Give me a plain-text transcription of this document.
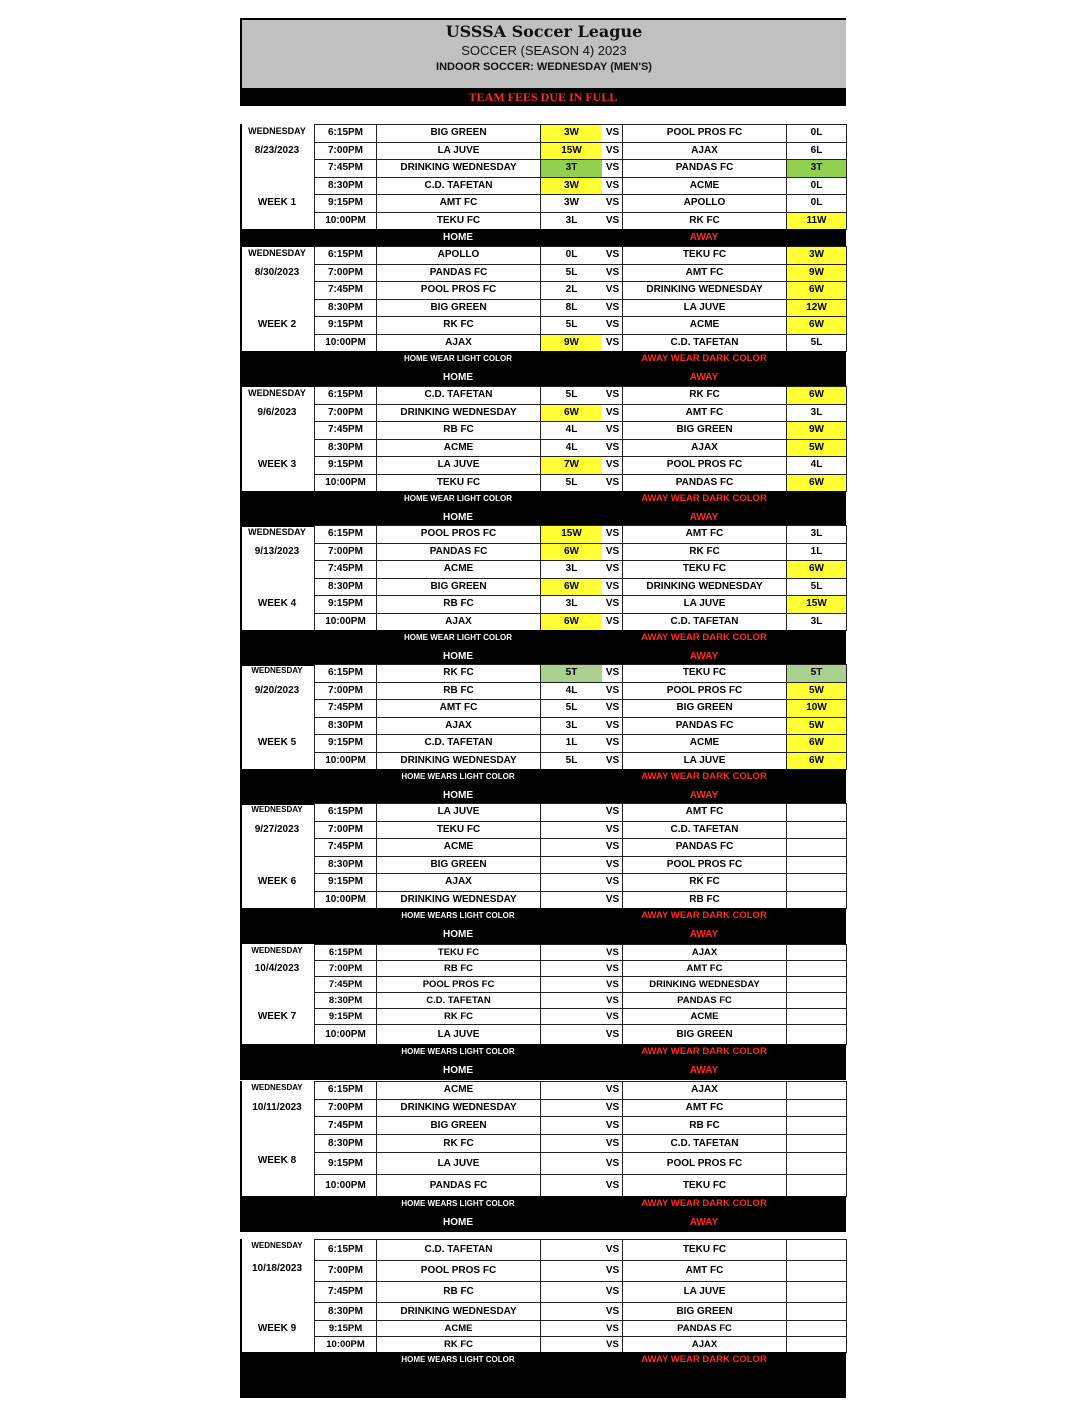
USSSA Soccer League
SOCCER (SEASON 4) 2023
INDOOR SOCCER: WEDNESDAY (MEN'S)
TEAM FEES DUE IN FULL
6:15PM	BIG GREEN	3W	VS	POOL PROS FC	0L
7:00PM	LA JUVE	15W	VS	AJAX	6L
7:45PM	DRINKING WEDNESDAY	3T	VS	PANDAS FC	3T
8:30PM	C.D. TAFETAN	3W	VS	ACME	0L
9:15PM	AMT FC	3W	VS	APOLLO	0L
10:00PM	TEKU FC	3L	VS	RK FC	11W
WEDNESDAY
8/23/2023
WEEK 1
HOME	AWAY
6:15PM	APOLLO	0L	VS	TEKU FC	3W
7:00PM	PANDAS FC	5L	VS	AMT FC	9W
7:45PM	POOL PROS FC	2L	VS	DRINKING WEDNESDAY	6W
8:30PM	BIG GREEN	8L	VS	LA JUVE	12W
9:15PM	RK FC	5L	VS	ACME	6W
10:00PM	AJAX	9W	VS	C.D. TAFETAN	5L
WEDNESDAY
8/30/2023
WEEK 2
HOME WEAR LIGHT COLOR	AWAY WEAR DARK COLOR
HOME	AWAY
6:15PM	C.D. TAFETAN	5L	VS	RK FC	6W
7:00PM	DRINKING WEDNESDAY	6W	VS	AMT FC	3L
7:45PM	RB FC	4L	VS	BIG GREEN	9W
8:30PM	ACME	4L	VS	AJAX	5W
9:15PM	LA JUVE	7W	VS	POOL PROS FC	4L
10:00PM	TEKU FC	5L	VS	PANDAS FC	6W
WEDNESDAY
9/6/2023
WEEK 3
HOME WEAR LIGHT COLOR	AWAY WEAR DARK COLOR
HOME	AWAY
6:15PM	POOL PROS FC	15W	VS	AMT FC	3L
7:00PM	PANDAS FC	6W	VS	RK FC	1L
7:45PM	ACME	3L	VS	TEKU FC	6W
8:30PM	BIG GREEN	6W	VS	DRINKING WEDNESDAY	5L
9:15PM	RB FC	3L	VS	LA JUVE	15W
10:00PM	AJAX	6W	VS	C.D. TAFETAN	3L
WEDNESDAY
9/13/2023
WEEK 4
HOME WEAR LIGHT COLOR	AWAY WEAR DARK COLOR
HOME	AWAY
6:15PM	RK FC	5T	VS	TEKU FC	5T
7:00PM	RB FC	4L	VS	POOL PROS FC	5W
7:45PM	AMT FC	5L	VS	BIG GREEN	10W
8:30PM	AJAX	3L	VS	PANDAS FC	5W
9:15PM	C.D. TAFETAN	1L	VS	ACME	6W
10:00PM	DRINKING WEDNESDAY	5L	VS	LA JUVE	6W
WEDNESDAY
9/20/2023
WEEK 5
HOME WEARS LIGHT COLOR	AWAY WEAR DARK COLOR
HOME	AWAY
6:15PM	LA JUVE	VS	AMT FC
7:00PM	TEKU FC	VS	C.D. TAFETAN
7:45PM	ACME	VS	PANDAS FC
8:30PM	BIG GREEN	VS	POOL PROS FC
9:15PM	AJAX	VS	RK FC
10:00PM	DRINKING WEDNESDAY	VS	RB FC
WEDNESDAY
9/27/2023
WEEK 6
HOME WEARS LIGHT COLOR	AWAY WEAR DARK COLOR
HOME	AWAY
6:15PM	TEKU FC	VS	AJAX
7:00PM	RB FC	VS	AMT FC
7:45PM	POOL PROS FC	VS	DRINKING WEDNESDAY
8:30PM	C.D. TAFETAN	VS	PANDAS FC
9:15PM	RK FC	VS	ACME
10:00PM	LA JUVE	VS	BIG GREEN
WEDNESDAY
10/4/2023
WEEK 7
HOME WEARS LIGHT COLOR	AWAY WEAR DARK COLOR
HOME	AWAY
6:15PM	ACME	VS	AJAX
7:00PM	DRINKING WEDNESDAY	VS	AMT FC
7:45PM	BIG GREEN	VS	RB FC
8:30PM	RK FC	VS	C.D. TAFETAN
9:15PM	LA JUVE	VS	POOL PROS FC
10:00PM	PANDAS FC	VS	TEKU FC
WEDNESDAY
10/11/2023
WEEK 8
HOME WEARS LIGHT COLOR	AWAY WEAR DARK COLOR
HOME	AWAY
6:15PM	C.D. TAFETAN	VS	TEKU FC
7:00PM	POOL PROS FC	VS	AMT FC
7:45PM	RB FC	VS	LA JUVE
8:30PM	DRINKING WEDNESDAY	VS	BIG GREEN
9:15PM	ACME	VS	PANDAS FC
10:00PM	RK FC	VS	AJAX
WEDNESDAY
10/18/2023
WEEK 9
HOME WEARS LIGHT COLOR	AWAY WEAR DARK COLOR
